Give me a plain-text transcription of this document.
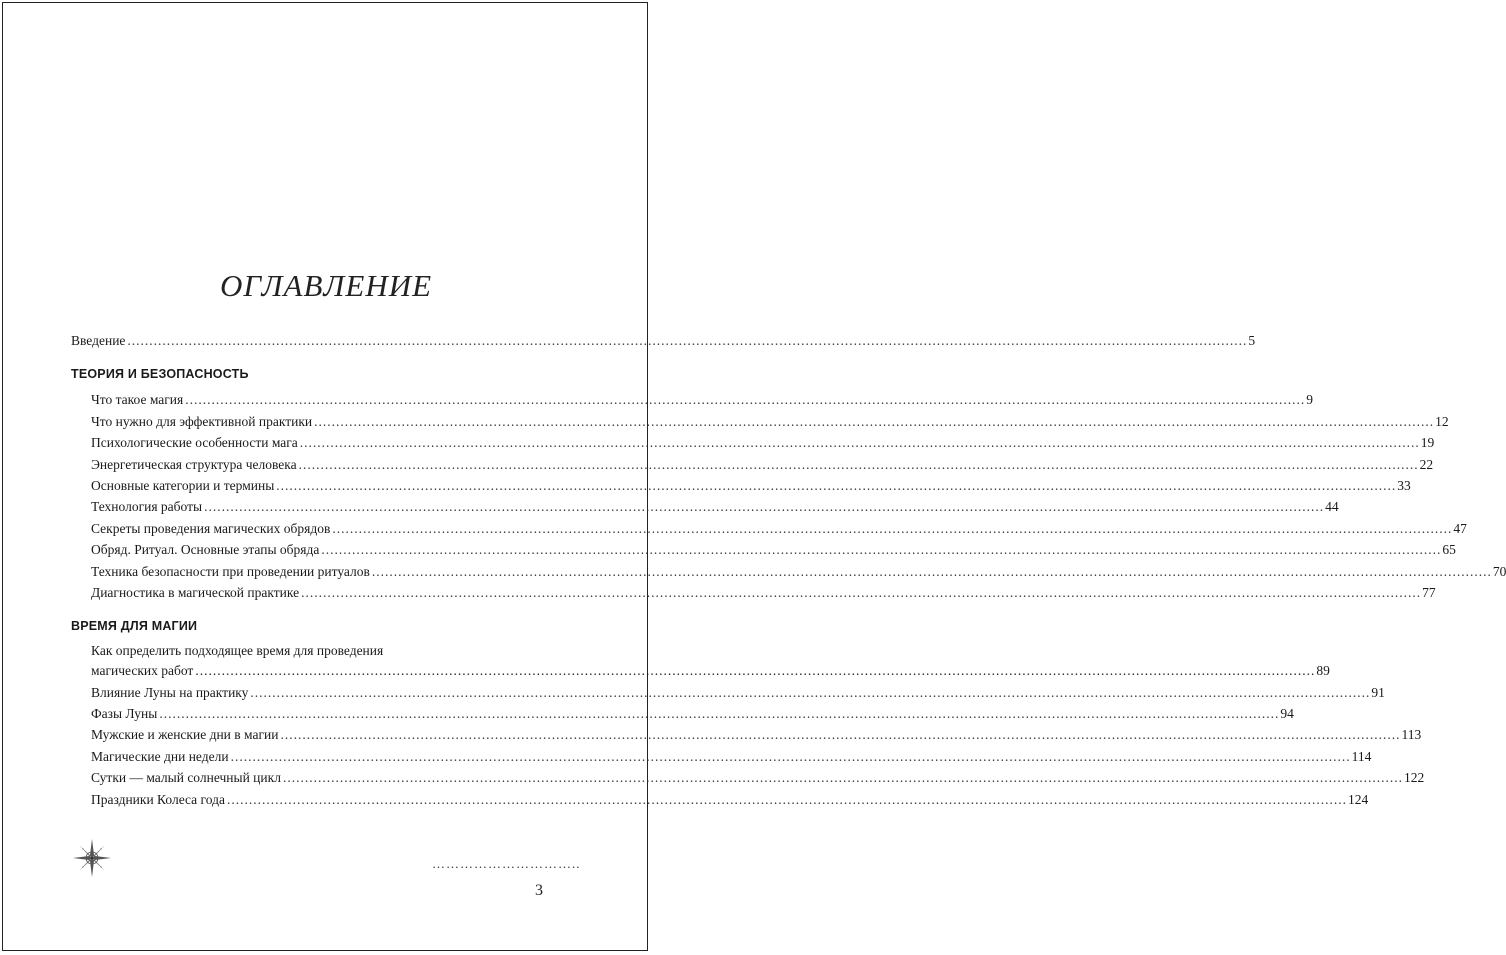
ОГЛАВЛЕНИЕ
Введение .....	5
ТЕОРИЯ И БЕЗОПАСНОСТЬ
Что такое магия .....	9
Что нужно для эффективной практики .....	12
Психологические особенности мага .....	19
Энергетическая структура человека .....	22
Основные категории и термины .....	33
Технология работы .....	44
Секреты проведения магических обрядов .....	47
Обряд. Ритуал. Основные этапы обряда .....	65
Техника безопасности при проведении ритуалов .....	70
Диагностика в магической практике .....	77
ВРЕМЯ ДЛЯ МАГИИ
Как определить подходящее время для проведения
магических работ .....	89
Влияние Луны на практику .....	91
Фазы Луны .....	94
Мужские и женские дни в магии .....	113
Магические дни недели .....	114
Сутки — малый солнечный цикл .....	122
Праздники Колеса года .....	124
…………………………..
3
